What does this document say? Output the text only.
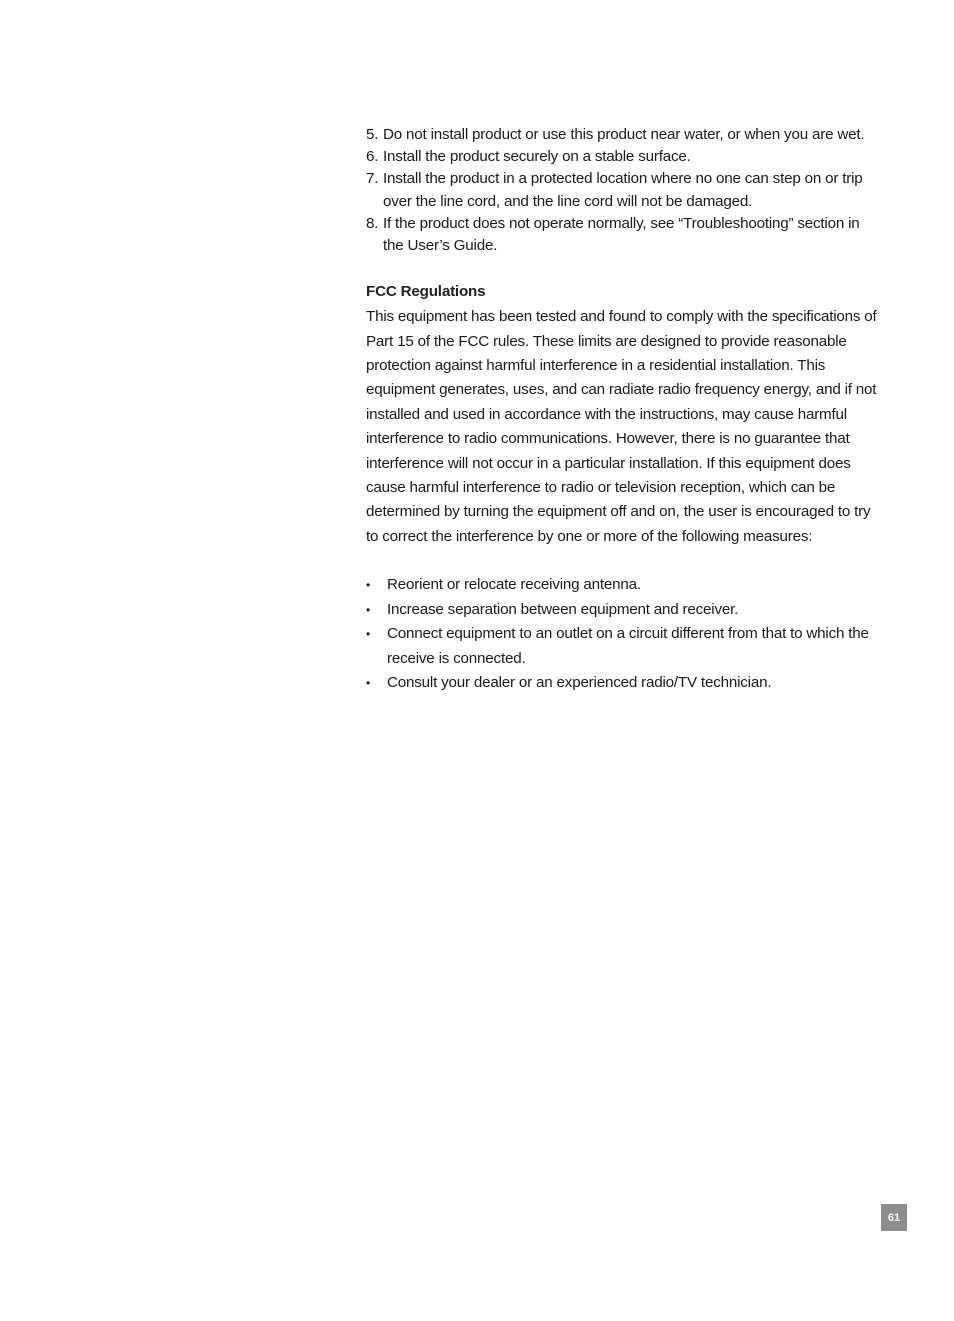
5. Do not install product or use this product near water, or when you are wet.
6. Install the product securely on a stable surface.
7. Install the product in a protected location where no one can step on or trip over the line cord, and the line cord will not be damaged.
8. If the product does not operate normally, see “Troubleshooting” section in the User’s Guide.
FCC Regulations

This equipment has been tested and found to comply with the specifications of Part 15 of the FCC rules. These limits are designed to provide reasonable protection against harmful interference in a residential installation. This equipment generates, uses, and can radiate radio frequency energy, and if not installed and used in accordance with the instructions, may cause harmful interference to radio communications. However, there is no guarantee that interference will not occur in a particular installation. If this equipment does cause harmful interference to radio or television reception, which can be determined by turning the equipment off and on, the user is encouraged to try to correct the interference by one or more of the following measures:

• Reorient or relocate receiving antenna.
• Increase separation between equipment and receiver.
• Connect equipment to an outlet on a circuit different from that to which the receive is connected.
• Consult your dealer or an experienced radio/TV technician.
61
